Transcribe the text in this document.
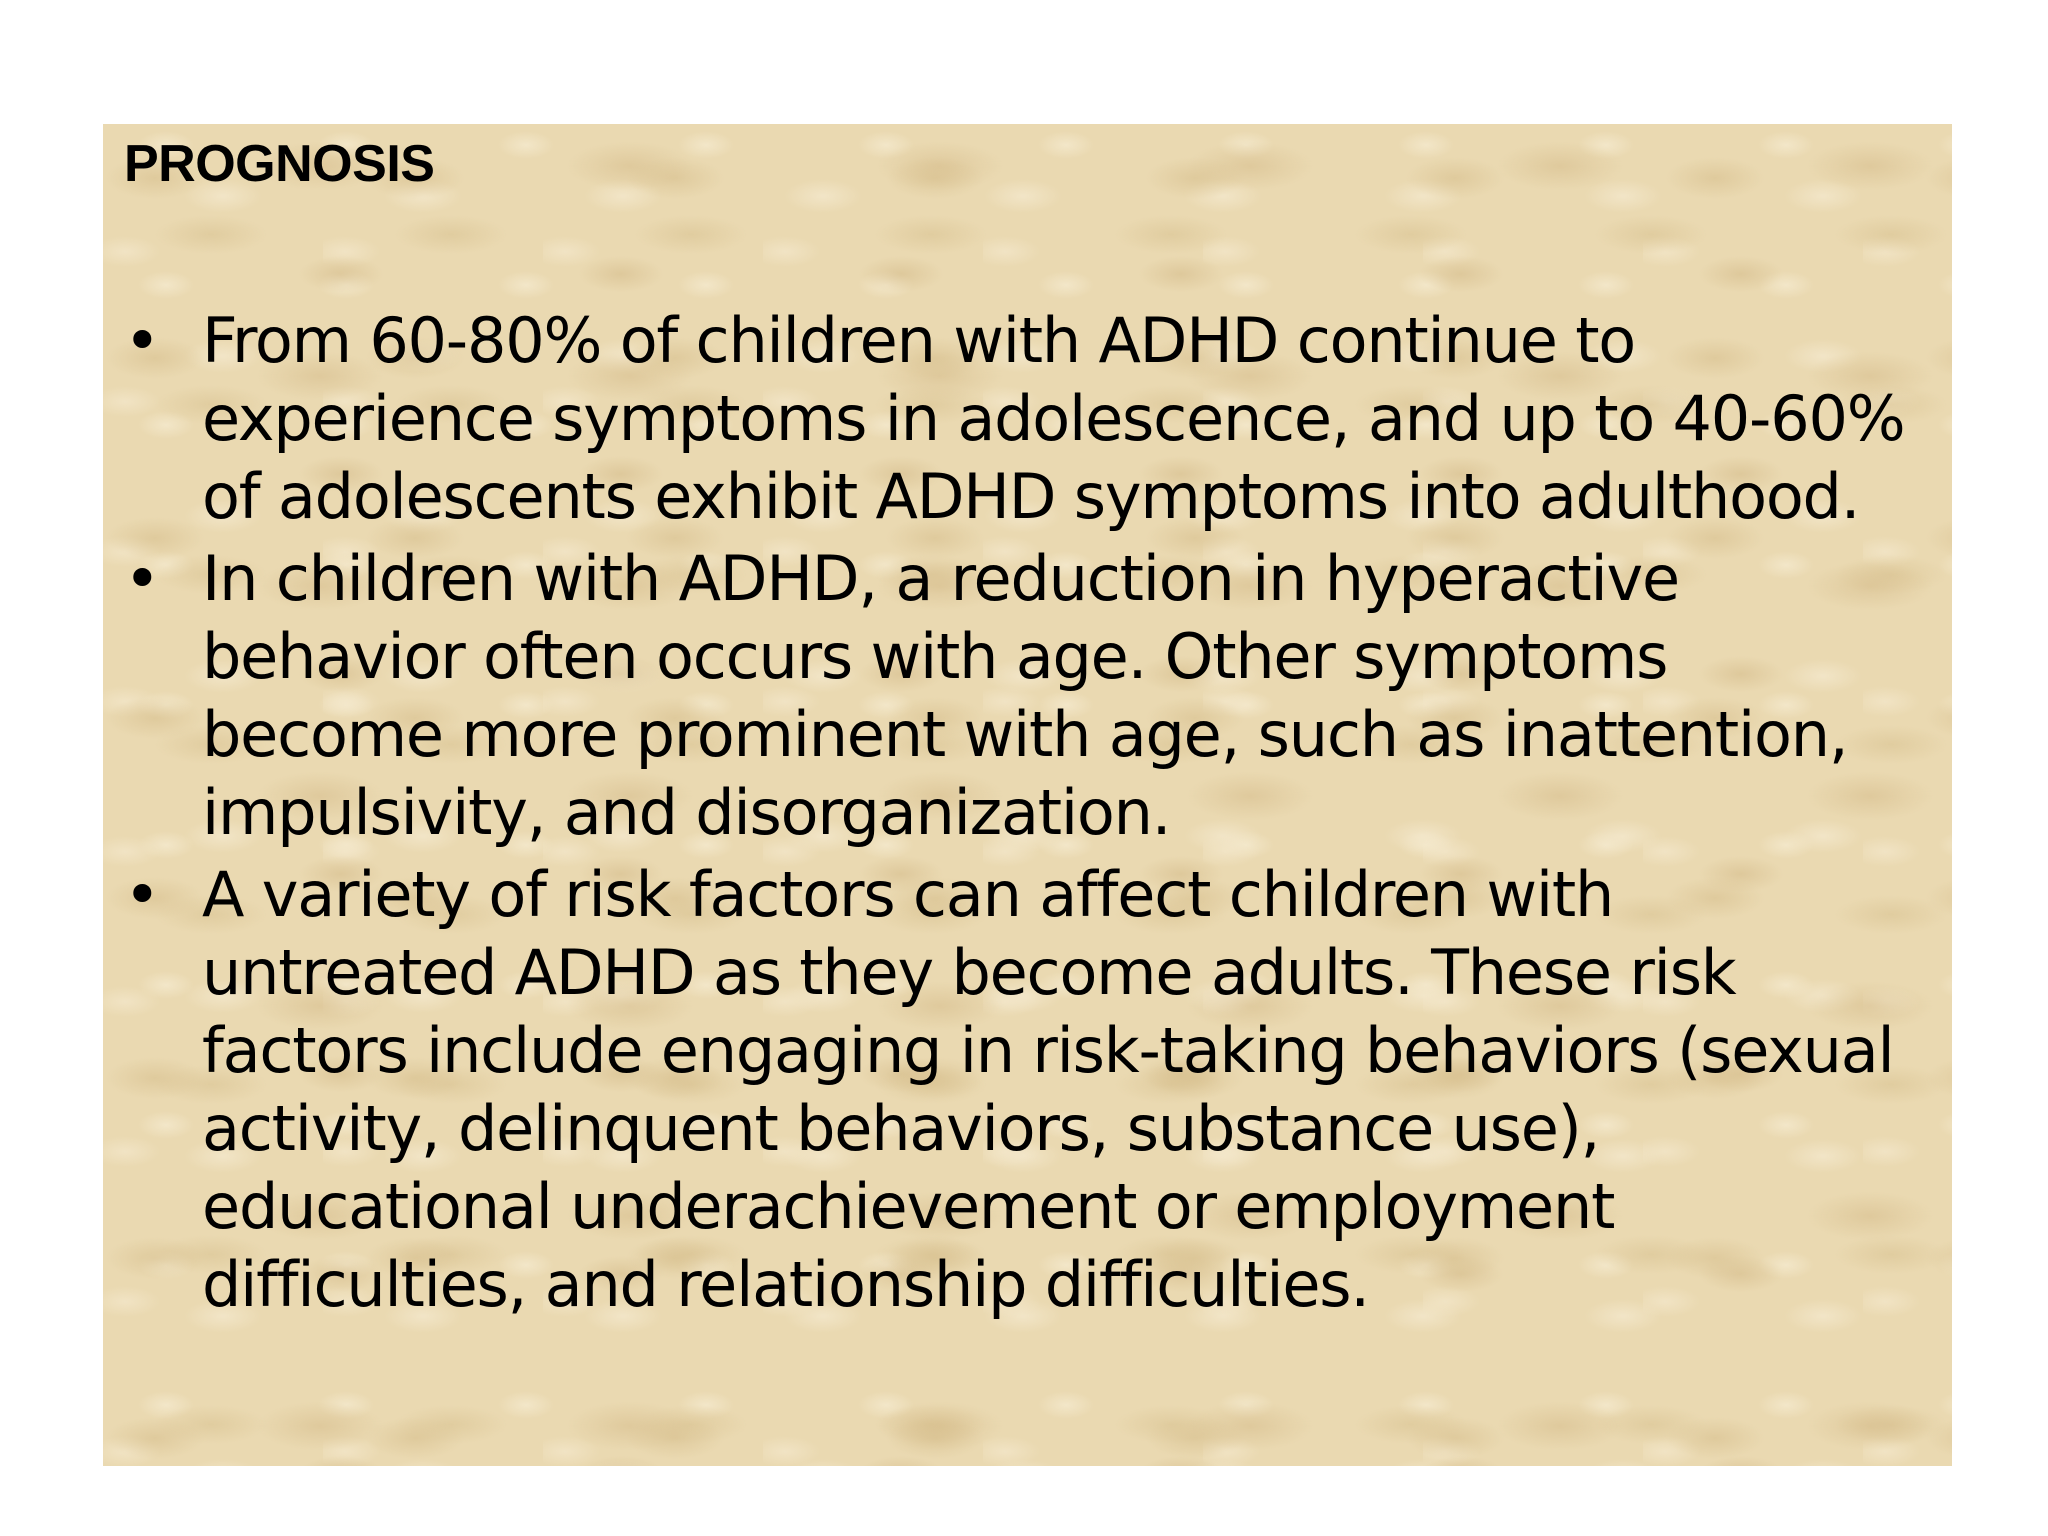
PROGNOSIS
• From 60-80% of children with ADHD continue to experience symptoms in adolescence, and up to 40-60% of adolescents exhibit ADHD symptoms into adulthood.
• In children with ADHD, a reduction in hyperactive behavior often occurs with age. Other symptoms become more prominent with age, such as inattention, impulsivity, and disorganization.
• A variety of risk factors can affect children with untreated ADHD as they become adults. These risk factors include engaging in risk-taking behaviors (sexual activity, delinquent behaviors, substance use), educational underachievement or employment difficulties, and relationship difficulties.
